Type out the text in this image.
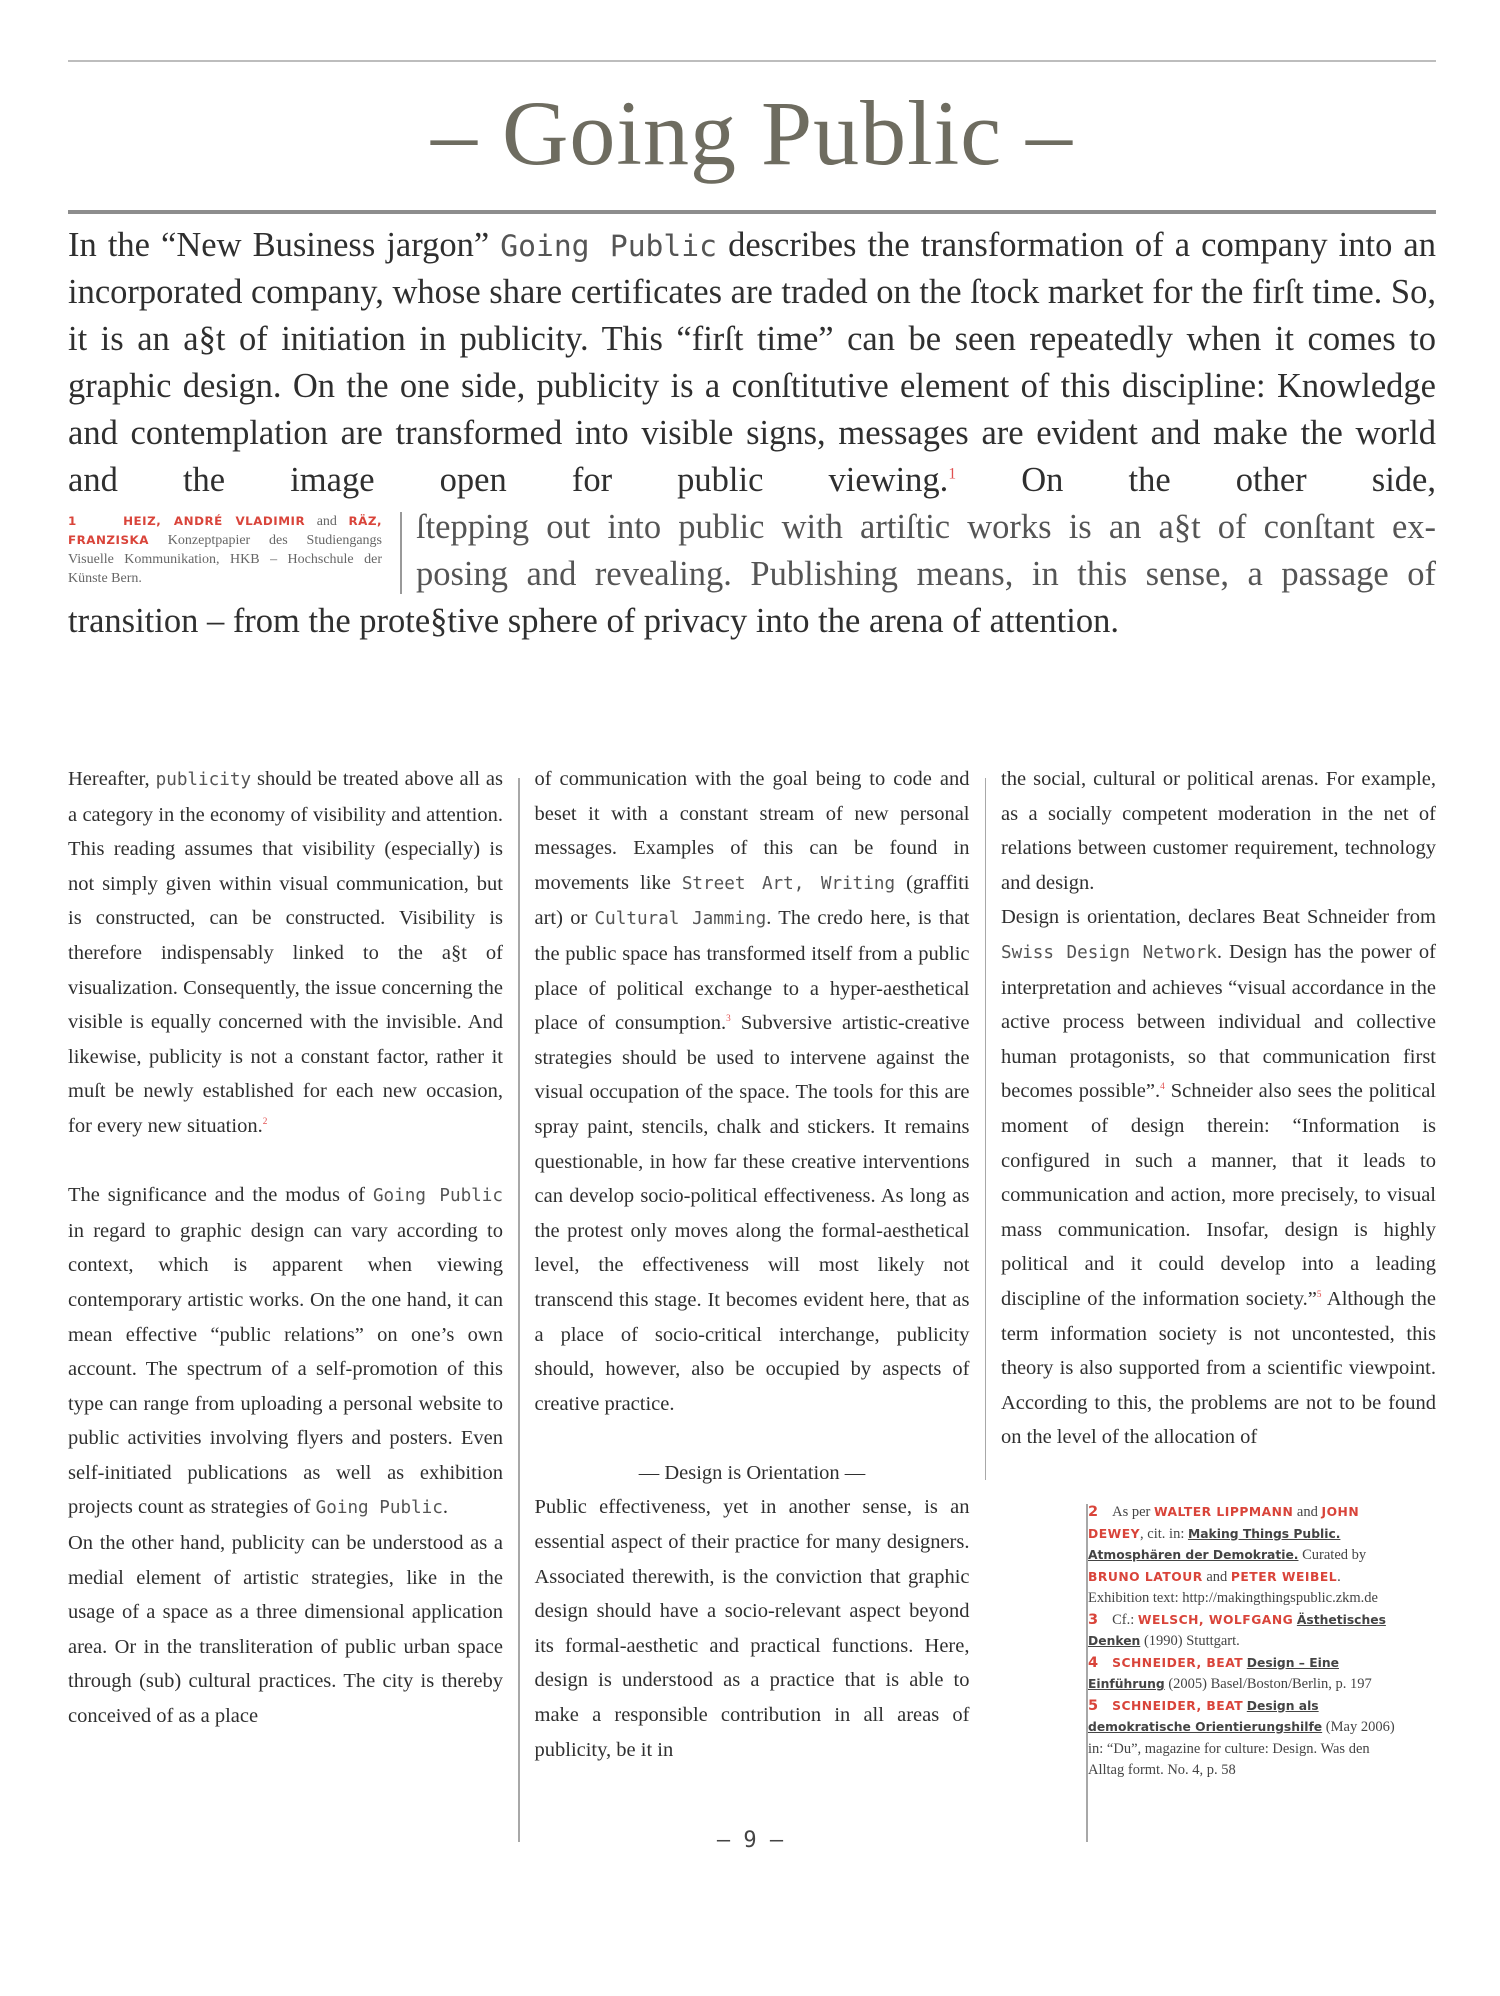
– Going Public –

In the “New Business jargon” Going Public describes the transformation of a company into an incorporated company, whose share certificates are traded on the ſtock market for the firſt time. So, it is an a§t of initiation in publicity. This “firſt time” can be seen repeatedly when it comes to graphic design. On the one side, publicity is a conſtitutive element of this discipline: Knowledge and contemplation are transformed into visible signs, messages are evident and make the world and the image open for public viewing.$^1$ On the other side,

1	HEIZ, ANDRÉ VLADIMIR and RÄZ, FRANZISKA Konzeptpapier des Studiengangs Visuelle Kommunikation, HKB – Hochschule der Künste Bern.
ſtepping out into public with artiſtic works is an a§t of conſtant ex-
posing and revealing. Publishing means, in this sense, a passage of

transition – from the prote§tive sphere of privacy into the arena of attention.

Hereafter, publicity should be treated above all as a category in the economy of visibility and attention. This reading assumes that visibility (especially) is not simply given within visual communication, but is constructed, can be constructed. Visibility is therefore indispensably linked to the a§t of visualization. Consequently, the issue concerning the visible is equally concerned with the invisible. And likewise, publicity is not a constant factor, rather it muſt be newly established for each new occasion, for every new situation.$^2$

The significance and the modus of Going Public in regard to graphic design can vary according to context, which is apparent when viewing contemporary artistic works. On the one hand, it can mean effective “public relations” on one’s own account. The spectrum of a self-promotion of this type can range from uploading a personal website to public activities involving flyers and posters. Even self-initiated publications as well as exhibition projects count as strategies of Going Public.

On the other hand, publicity can be understood as a medial element of artistic strategies, like in the usage of a space as a three dimensional application area. Or in the transliteration of public urban space through (sub) cultural practices. The city is thereby conceived of as a place

of communication with the goal being to code and beset it with a constant stream of new personal messages. Examples of this can be found in movements like Street Art, Writing (graffiti art) or Cultural Jamming. The credo here, is that the public space has transformed itself from a public place of political exchange to a hyper-aesthetical place of consumption.$^3$ Subversive artistic-creative strategies should be used to intervene against the visual occupation of the space. The tools for this are spray paint, stencils, chalk and stickers. It remains questionable, in how far these creative interventions can develop socio-political effectiveness. As long as the protest only moves along the formal-aesthetical level, the effectiveness will most likely not transcend this stage. It becomes evident here, that as a place of socio-critical interchange, publicity should, however, also be occupied by aspects of creative practice.

— Design is Orientation —

Public effectiveness, yet in another sense, is an essential aspect of their practice for many designers. Associated therewith, is the conviction that graphic design should have a socio-relevant aspect beyond its formal-aesthetic and practical functions. Here, design is understood as a practice that is able to make a responsible contribution in all areas of publicity, be it in

the social, cultural or political arenas. For example, as a socially competent moderation in the net of relations between customer requirement, technology and design.

Design is orientation, declares Beat Schneider from Swiss Design Network. Design has the power of interpretation and achieves “visual accordance in the active process between individual and collective human protagonists, so that communication first becomes possible”.$^4$ Schneider also sees the political moment of design therein: “Information is configured in such a manner, that it leads to communication and action, more precisely, to visual mass communication. Insofar, design is highly political and it could develop into a leading discipline of the information society.”$^5$ Although the term information society is not uncontested, this theory is also supported from a scientific viewpoint. According to this, the problems are not to be found on the level of the allocation of

2 As per WALTER LIPPMANN and JOHN DEWEY, cit. in: Making Things Public. Atmosphären der Demokratie. Curated by BRUNO LATOUR and PETER WEIBEL. Exhibition text: http://makingthingspublic.zkm.de
3 Cf.: WELSCH, WOLFGANG Ästhetisches Denken (1990) Stuttgart.
4 SCHNEIDER, BEAT Design – Eine Einführung (2005) Basel/Boston/Berlin, p. 197
5 SCHNEIDER, BEAT Design als demokratische Orientierungshilfe (May 2006) in: “Du”, magazine for culture: Design. Was den Alltag formt. No. 4, p. 58
– 9 –
